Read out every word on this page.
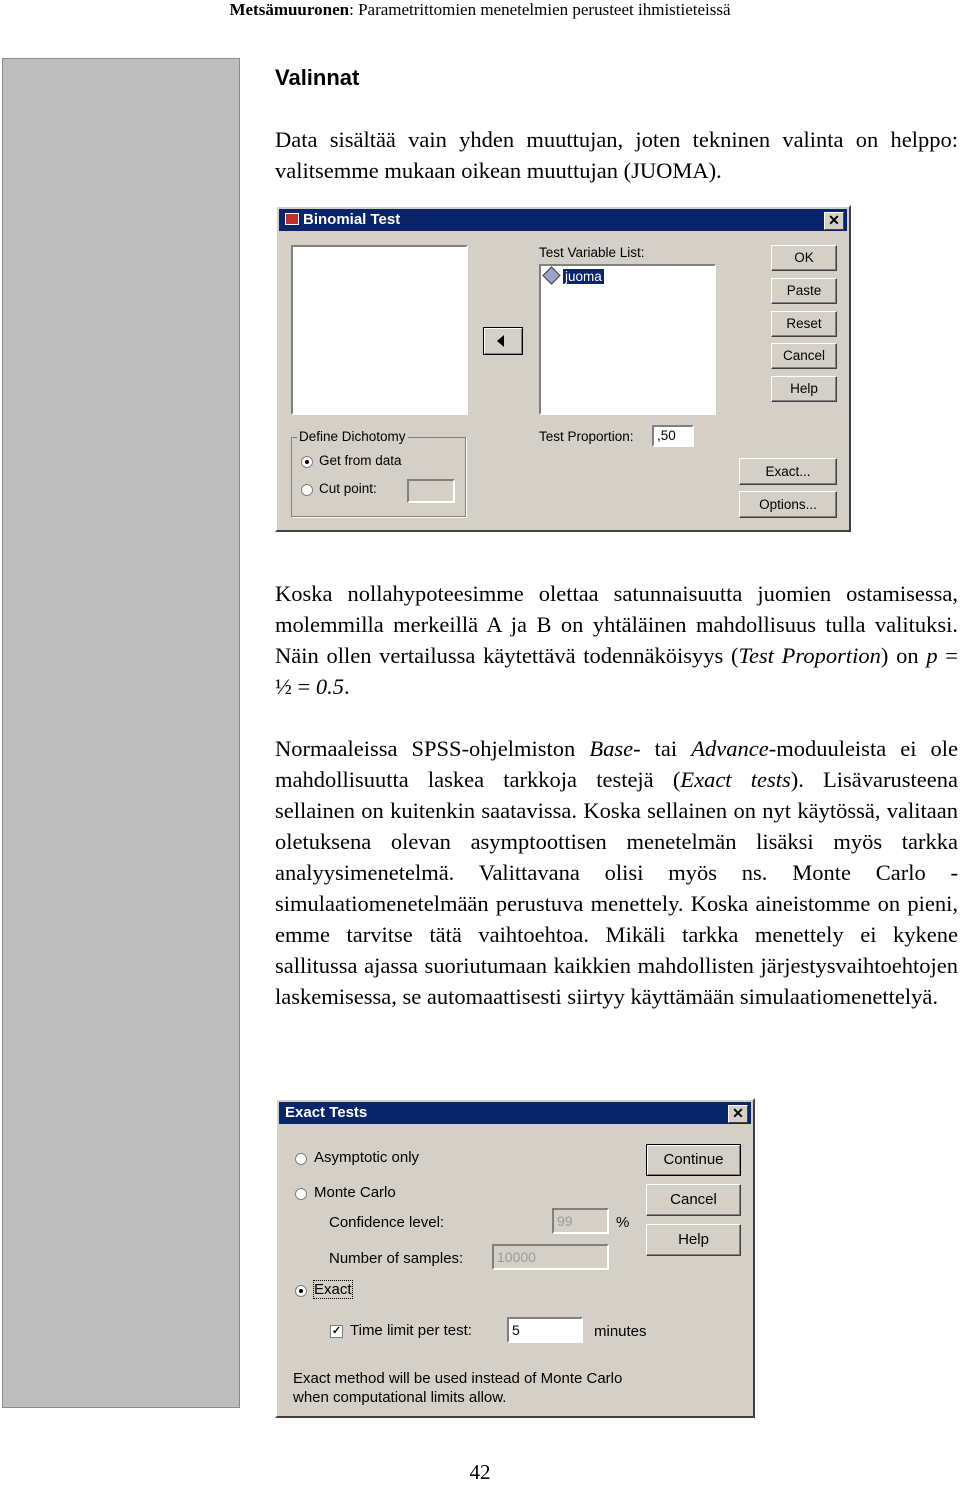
Metsämuuronen: Parametrittomien menetelmien perusteet ihmistieteissä
Valinnat

Data sisältää vain yhden muuttujan, joten tekninen valinta on helppo: valitsemme mukaan oikean muuttujan (JUOMA).

Binomial Test	✕
Test Variable List:
juoma
OK
Paste
Reset
Cancel
Help
Define Dichotomy
Get from data
Cut point:
Test Proportion:	,50
Exact...
Options...

Koska nollahypoteesimme olettaa satunnaisuutta juomien ostamisessa, molemmilla merkeillä A ja B on yhtäläinen mahdollisuus tulla valituksi. Näin ollen vertailussa käytettävä todennäköisyys (Test Proportion) on p = ½ = 0.5.

Normaaleissa SPSS-ohjelmiston Base- tai Advance-moduuleista ei ole mahdollisuutta laskea tarkkoja testejä (Exact tests). Lisävarusteena sellainen on kuitenkin saatavissa. Koska sellainen on nyt käytössä, valitaan oletuksena olevan asymptoottisen menetelmän lisäksi myös tarkka analyysimenetelmä. Valittavana olisi myös ns. Monte Carlo -simulaatiomenetelmään perustuva menettely. Koska aineistomme on pieni, emme tarvitse tätä vaihtoehtoa. Mikäli tarkka menettely ei kykene sallitussa ajassa suoriutumaan kaikkien mahdollisten järjestysvaihtoehtojen laskemisessa, se automaattisesti siirtyy käyttämään simulaatiomenettelyä.

Exact Tests	✕
Asymptotic only
Monte Carlo
Confidence level:	99	%
Number of samples:	10000
Exact
✓ Time limit per test:	5	minutes
Exact method will be used instead of Monte Carlo
when computational limits allow.
Continue
Cancel
Help
42
